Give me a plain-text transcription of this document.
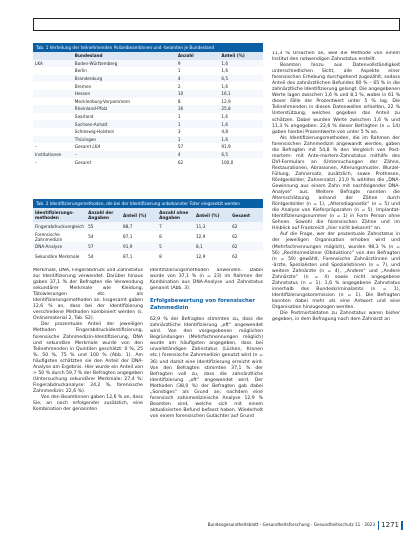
Tab. 1 Verteilung der teilnehmenden Polizeibeamtinnen und -beamten je Bundesland
	Bundesland	Anzahl	Anteil (%)
LKA	Baden-Württemberg	9	1,6
	Berlin	1	1,6
	Brandenburg	4	6,5
	Bremen	2	1,6
	Hessen	10	16,1
	Mecklenburg-Vorpommern	8	12,9
	Rheinland-Pfalz	16	25,8
	Saarland	1	1,6
	Sachsen-Anhalt	1	1,6
	Schleswig-Holstein	3	4,8
	Thüringen	1	1,6
–	Gesamt LKA	57	91,9
Institutionen	–	4	6,5
–	Gesamt	62	100,0
Tab. 2 Identifizierungsmethoden, die bei der Identifizierung unbekannter Toter eingesetzt werden
Identifizierungs-methoden	Anzahl der Angaben	Anteil (%)	Anzahl ohne Angaben	Anteil (%)	Gesamt
Fingerabdruckvergleich	55	88,7	7	11,3	62
Forensische Zahnmedizin	54	87,1	8	12,9	62
DNA-Analyse	57	91,9	5	8,1	62
Sekundäre Merkmale	54	87,1	8	12,9	62

Merkmale, DNA, Fingerabdruck und Zahnstatus zur Identifizierung verwendet. Darüber hinaus gaben 37,1 % der Befragten die Verwendung sekundärer Merkmale wie Kleidung, Tätowierungen etc. als Identifizierungsmethoden an. Insgesamt gaben 12,6 % an, dass bei der Identifizierung verschiedene Methoden kombiniert werden (s. Onlinematerial 2, Tab. S2).

Der prozentuale Anteil der jeweiligen Methoden Fingerabdruckidentifizierung, forensische Zahnmedizin-Identifizierung, DNA und sekundäre Merkmale wurde von den Teilnehmenden in Quintilen geschätzt: 0 %, 25 %, 50 %, 75 % und 100 % (Abb. 1). Am häufigsten schätzten sie den Anteil der DNA-Analyse am Ergebnis. Hier wurde ein Anteil von > 50 % durch 59,7 % der Befragten angegeben (Untersuchung sekundärer Merkmale: 27,4 %; Fingerabdruckanalyse: 24,2 %, forensische Zahnmedizin: 22,6 %).

Von den Beamtinnen gaben 12,6 % an, dass Sie, an noch erfolgender zusätzlich, eine Kombination der genannten

Identifizierungsmethoden anwenden. Dabei wurde von 37,1 % (n = 23) im Rahmen der Kombination aus DNA-Analyse und Zahnstatus genannt (Abb. 3).

Erfolgsbewertung von forensischer Zahnmedizin

62,9 % der Befragten stimmten zu, dass die zahnärztliche Identifizierung „oft“ angewendet wird. Von den vorgegebenen möglichen Begründungen (Mehrfachnennungen möglich) wurde am häufigsten angegeben, dass bei unvollständigen Zahnstatus (Lücken, Kronen etc.) forensische Zahnmedizin genutzt wird (n = 36) und damit eine Identifizierung erreicht wird. Von den Befragten stimmten 37,1 % der Befragten voll zu, dass die zahnärztliche Identifizierung „oft“ angewendet wird. Der Methoden (38,0 %) der Befragten gab dabei „Sonstiges“ als Grund an, nachdem eine forensisch zahnmedizinische Analyse 12,9 % Beamten sind, welche sich mit einem aktualisierten Befund befasst haben. Wiederholt von einem forensischen Gutachter auf Grund

11,3 % Ursachen an, weil die Methode von einem Institut den notwendigen Zahnstatus erstellt.

Beamten hinzu aus Datenvollständigkeit unterschiedlichen Sicht, alle Aspekte einer forensischen Erhebung durchgehend zugezählt, sodass Anteil des zahnärztlichen Befundes 60 % – 65 % in die zahnärztliche Identifizierung gelangt. Die angegebenen Werte lagen zwischen 1,6 % und 8,1 %, wobei in 61 % dieser Fälle der Prozentwert unter 5 % lag. Die Teilnehmenden in diesen Datenwellen erhielten, 22 % Unterstützung, welches gegeben das Anteil zu schätzen. Dabei wurden Werte zwischen 1,6 % und 11,3 % angegeben. 22,6 % dieser Befragten (n = 14) gaben hierbei Prozentwerte von unter 5 % an.

Als Identifizierungsmethoden, die im Rahmen der forensischen Zahnmedizin angewandt werden, gaben die Befragten mit 54,8 % den Vergleich von Post-mortem- mit Ante-mortem-Zahnstatus mithilfe des DVI-Formulars an (Untersuchungen der Zähne, Restaurationen, Abrasionen, Alterungsmuster, Wurzel-Füllung, Zahnersatz, zusätzlich, sowie Prothesen, Röntgenbilder, Zahnersatz). 21,0 % wählten die „DNA-Gewinnung aus einem Zahn mit nachfolgender DNA-Analyse“ aus. Weitere Befragte nannten die Altersschätzung anhand der Zähne durch Röntgenbilder (n = 1), „Altersdiagnostik“ (n = 5) und die Analyse von Kieferpräparaten (n = 5). Implantat-Identifizierungsnummer (n = 1) in Form Person ohne Sehnen. Sowohl die forensischen Zähne und im Hinblick auf Frankreich „hier nicht bekannt“ an.

Auf die Frage, wer der prozentuale Zahnstatus in der jeweiligen Organisation erhoben wird und (Mehrfachnennungen möglich), wurden 98,3 % (n = 56) „Rechtsmediziner (Obduktion)“ von den Befragten (n = 59) gewählt, Forensische Zahnärztinnen und -ärzte, Spezialisten und Spezialistinnen (n = 7), und weitere Zahnärzte (n = 4), „Andere“ und „Andere Zahnärzte“ (n = 4) sowie nicht angegebene Zahnstatus (n = 1). 1,6 % angegebene Zahnstatus innerhalb des Bundeskriminalamts (n = 1), Identifizierungskommission (n = 1). Die Befragten konnten dabei mehr als eine Antwort und eine Organisation hinzugezogen werden.

Die Postmortaldaten zu Zahnstatus waren bisher gegeben, in dem Befragung nach dem Zahnarzt an

Bundesgesundheitsblatt - Gesundheitsforschung - Gesundheitsschutz 11 · 2023 1271
